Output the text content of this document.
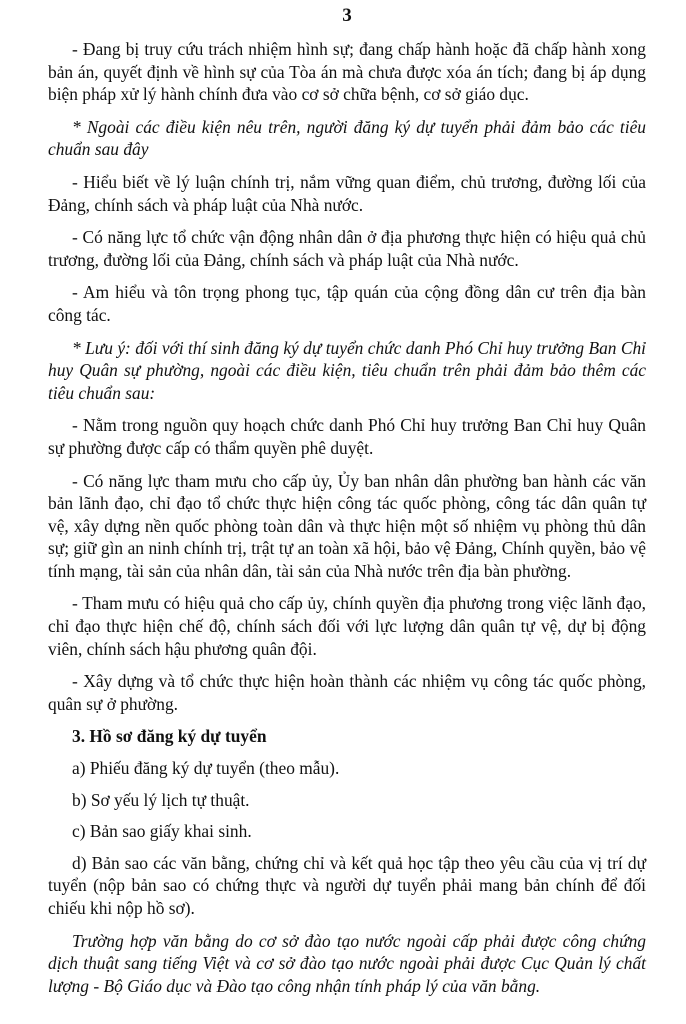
3

- Đang bị truy cứu trách nhiệm hình sự; đang chấp hành hoặc đã chấp hành xong bản án, quyết định về hình sự của Tòa án mà chưa được xóa án tích; đang bị áp dụng biện pháp xử lý hành chính đưa vào cơ sở chữa bệnh, cơ sở giáo dục.

* Ngoài các điều kiện nêu trên, người đăng ký dự tuyển phải đảm bảo các tiêu chuẩn sau đây

- Hiểu biết về lý luận chính trị, nắm vững quan điểm, chủ trương, đường lối của Đảng, chính sách và pháp luật của Nhà nước.

- Có năng lực tổ chức vận động nhân dân ở địa phương thực hiện có hiệu quả chủ trương, đường lối của Đảng, chính sách và pháp luật của Nhà nước.

- Am hiểu và tôn trọng phong tục, tập quán của cộng đồng dân cư trên địa bàn công tác.

* Lưu ý: đối với thí sinh đăng ký dự tuyển chức danh Phó Chỉ huy trưởng Ban Chỉ huy Quân sự phường, ngoài các điều kiện, tiêu chuẩn trên phải đảm bảo thêm các tiêu chuẩn sau:

- Nằm trong nguồn quy hoạch chức danh Phó Chỉ huy trưởng Ban Chỉ huy Quân sự phường được cấp có thẩm quyền phê duyệt.

- Có năng lực tham mưu cho cấp ủy, Ủy ban nhân dân phường ban hành các văn bản lãnh đạo, chỉ đạo tổ chức thực hiện công tác quốc phòng, công tác dân quân tự vệ, xây dựng nền quốc phòng toàn dân và thực hiện một số nhiệm vụ phòng thủ dân sự; giữ gìn an ninh chính trị, trật tự an toàn xã hội, bảo vệ Đảng, Chính quyền, bảo vệ tính mạng, tài sản của nhân dân, tài sản của Nhà nước trên địa bàn phường.

- Tham mưu có hiệu quả cho cấp ủy, chính quyền địa phương trong việc lãnh đạo, chỉ đạo thực hiện chế độ, chính sách đối với lực lượng dân quân tự vệ, dự bị động viên, chính sách hậu phương quân đội.

- Xây dựng và tổ chức thực hiện hoàn thành các nhiệm vụ công tác quốc phòng, quân sự ở phường.

3. Hồ sơ đăng ký dự tuyển

a) Phiếu đăng ký dự tuyển (theo mẫu).

b) Sơ yếu lý lịch tự thuật.

c) Bản sao giấy khai sinh.

d) Bản sao các văn bằng, chứng chỉ và kết quả học tập theo yêu cầu của vị trí dự tuyển (nộp bản sao có chứng thực và người dự tuyển phải mang bản chính để đối chiếu khi nộp hồ sơ).

Trường hợp văn bằng do cơ sở đào tạo nước ngoài cấp phải được công chứng dịch thuật sang tiếng Việt và cơ sở đào tạo nước ngoài phải được Cục Quản lý chất lượng - Bộ Giáo dục và Đào tạo công nhận tính pháp lý của văn bằng.
